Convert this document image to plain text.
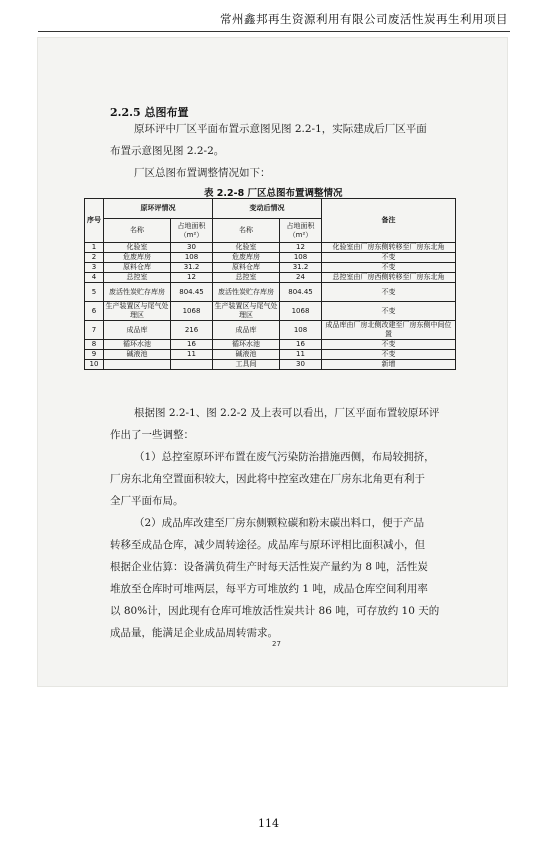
常州鑫邦再生资源利用有限公司废活性炭再生利用项目
2.2.5 总图布置
原环评中厂区平面布置示意图见图 2.2-1，实际建成后厂区平面
布置示意图见图 2.2-2。
厂区总图布置调整情况如下：
表 2.2-8 厂区总图布置调整情况
序号	原环评情况		变动后情况		备注
	名称	占地面积（m²）	名称	占地面积（m²）	
1	化验室	30	化验室	12	化验室由厂房东侧转移至厂房东北角
2	危废库房	108	危废库房	108	不变
3	原料仓库	31.2	原料仓库	31.2	不变
4	总控室	12	总控室	24	总控室由厂房西侧转移至厂房东北角
5	废活性炭贮存库房	804.45	废活性炭贮存库房	804.45	不变
6	生产装置区与尾气处理区	1068	生产装置区与尾气处理区	1068	不变
7	成品库	216	成品库	108	成品库由厂房北侧改建至厂房东侧中间位置
8	循环水池	16	循环水池	16	不变
9	碱液池	11	碱液池	11	不变
10			工具间	30	新增
根据图 2.2-1、图 2.2-2 及上表可以看出，厂区平面布置较原环评
作出了一些调整：
（1）总控室原环评布置在废气污染防治措施西侧，布局较拥挤，
厂房东北角空置面积较大，因此将中控室改建在厂房东北角更有利于
全厂平面布局。
（2）成品库改建至厂房东侧颗粒碳和粉末碳出料口，便于产品
转移至成品仓库，减少周转途径。成品库与原环评相比面积减小，但
根据企业估算：设备满负荷生产时每天活性炭产量约为 8 吨，活性炭
堆放至仓库时可堆两层，每平方可堆放约 1 吨，成品仓库空间利用率
以 80%计，因此现有仓库可堆放活性炭共计 86 吨，可存放约 10 天的
成品量，能满足企业成品周转需求。
27
114
